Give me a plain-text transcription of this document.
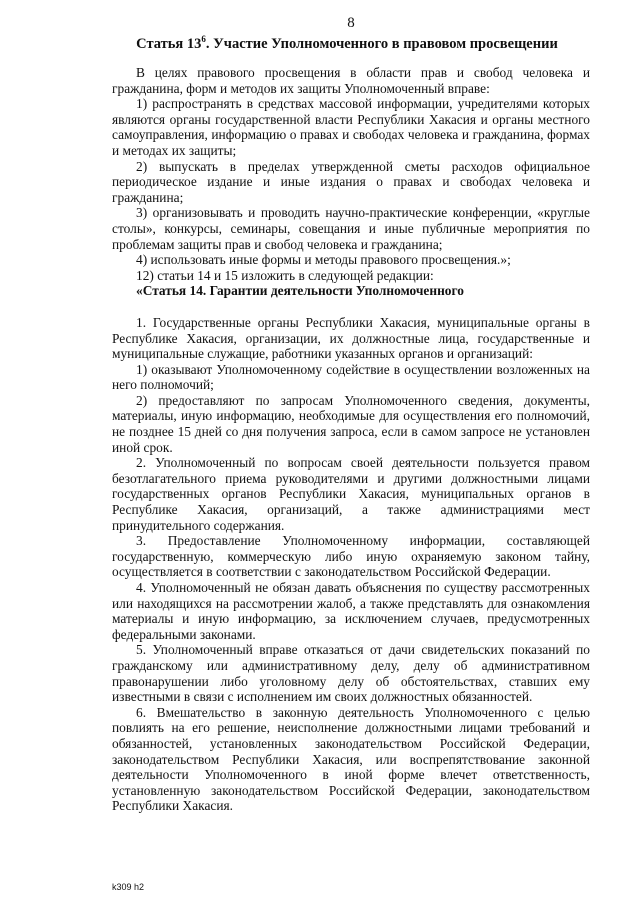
8
Статья $13^6$. Участие Уполномоченного в правовом просвещении

В целях правового просвещения в области прав и свобод человека и гражданина, форм и методов их защиты Уполномоченный вправе:

1) распространять в средствах массовой информации, учредителями которых являются органы государственной власти Республики Хакасия и органы местного самоуправления, информацию о правах и свободах человека и гражданина, формах и методах их защиты;

2) выпускать в пределах утвержденной сметы расходов официальное периодическое издание и иные издания о правах и свободах человека и гражданина;

3) организовывать и проводить научно-практические конференции, «круглые столы», конкурсы, семинары, совещания и иные публичные мероприятия по проблемам защиты прав и свобод человека и гражданина;

4) использовать иные формы и методы правового просвещения.»;

12) статьи 14 и 15 изложить в следующей редакции:

«Статья 14. Гарантии деятельности Уполномоченного

1. Государственные органы Республики Хакасия, муниципальные органы в Республике Хакасия, организации, их должностные лица, государственные и муниципальные служащие, работники указанных органов и организаций:

1) оказывают Уполномоченному содействие в осуществлении возложенных на него полномочий;

2) предоставляют по запросам Уполномоченного сведения, документы, материалы, иную информацию, необходимые для осуществления его полномочий, не позднее 15 дней со дня получения запроса, если в самом запросе не установлен иной срок.

2. Уполномоченный по вопросам своей деятельности пользуется правом безотлагательного приема руководителями и другими должностными лицами государственных органов Республики Хакасия, муниципальных органов в Республике Хакасия, организаций, а также администрациями мест принудительного содержания.

3. Предоставление Уполномоченному информации, составляющей государственную, коммерческую либо иную охраняемую законом тайну, осуществляется в соответствии с законодательством Российской Федерации.

4. Уполномоченный не обязан давать объяснения по существу рассмотренных или находящихся на рассмотрении жалоб, а также представлять для ознакомления материалы и иную информацию, за исключением случаев, предусмотренных федеральными законами.

5. Уполномоченный вправе отказаться от дачи свидетельских показаний по гражданскому или административному делу, делу об административном правонарушении либо уголовному делу об обстоятельствах, ставших ему известными в связи с исполнением им своих должностных обязанностей.

6. Вмешательство в законную деятельность Уполномоченного с целью повлиять на его решение, неисполнение должностными лицами требований и обязанностей, установленных законодательством Российской Федерации, законодательством Республики Хакасия, или воспрепятствование законной деятельности Уполномоченного в иной форме влечет ответственность, установленную законодательством Российской Федерации, законодательством Республики Хакасия.

k309 h2
